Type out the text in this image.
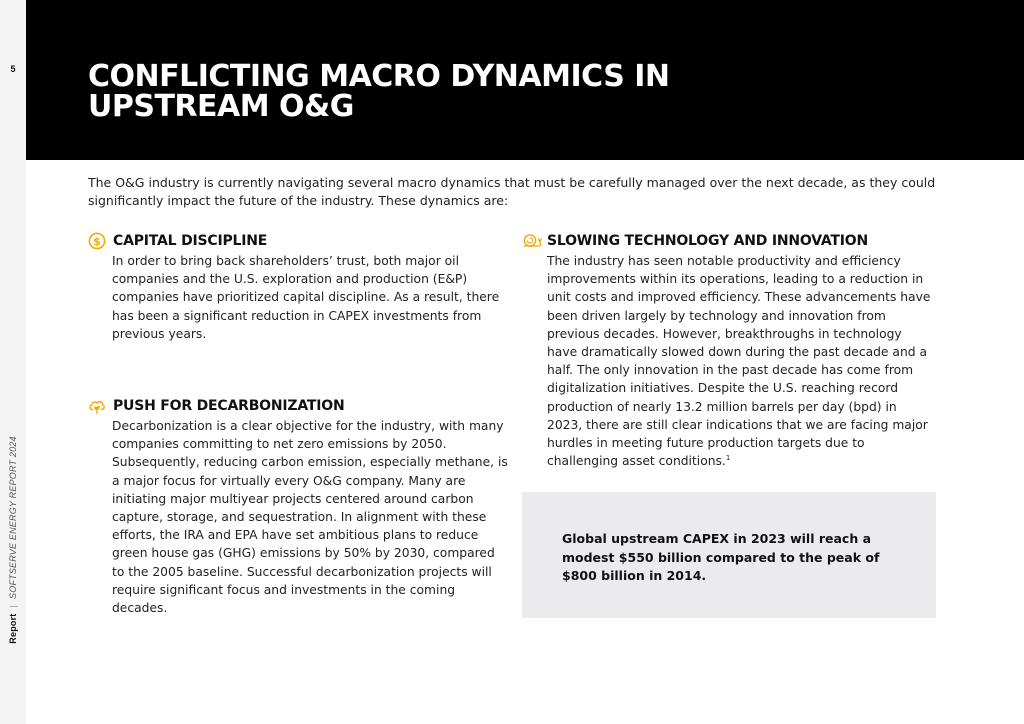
5
Report|SOFTSERVE ENERGY REPORT 2024
CONFLICTING MACRO DYNAMICS IN UPSTREAM O&G

The O&G industry is currently navigating several macro dynamics that must be carefully managed over the next decade, as they could significantly impact the future of the industry. These dynamics are:

$ CAPITAL DISCIPLINE

In order to bring back shareholders’ trust, both major oil companies and the U.S. exploration and production (E&P) companies have prioritized capital discipline. As a result, there has been a significant reduction in CAPEX investments from previous years.

PUSH FOR DECARBONIZATION

Decarbonization is a clear objective for the industry, with many companies committing to net zero emissions by 2050. Subsequently, reducing carbon emission, especially methane, is a major focus for virtually every O&G company. Many are initiating major multiyear projects centered around carbon capture, storage, and sequestration. In alignment with these efforts, the IRA and EPA have set ambitious plans to reduce green house gas (GHG) emissions by 50% by 2030, compared to the 2005 baseline. Successful decarbonization projects will require significant focus and investments in the coming decades.

SLOWING TECHNOLOGY AND INNOVATION

The industry has seen notable productivity and efficiency improvements within its operations, leading to a reduction in unit costs and improved efficiency. These advancements have been driven largely by technology and innovation from previous decades. However, breakthroughs in technology have dramatically slowed down during the past decade and a half. The only innovation in the past decade has come from digitalization initiatives. Despite the U.S. reaching record production of nearly 13.2 million barrels per day (bpd) in 2023, there are still clear indications that we are facing major hurdles in meeting future production targets due to challenging asset conditions.$^1$

Global upstream CAPEX in 2023 will reach a modest $550 billion compared to the peak of $800 billion in 2014.
